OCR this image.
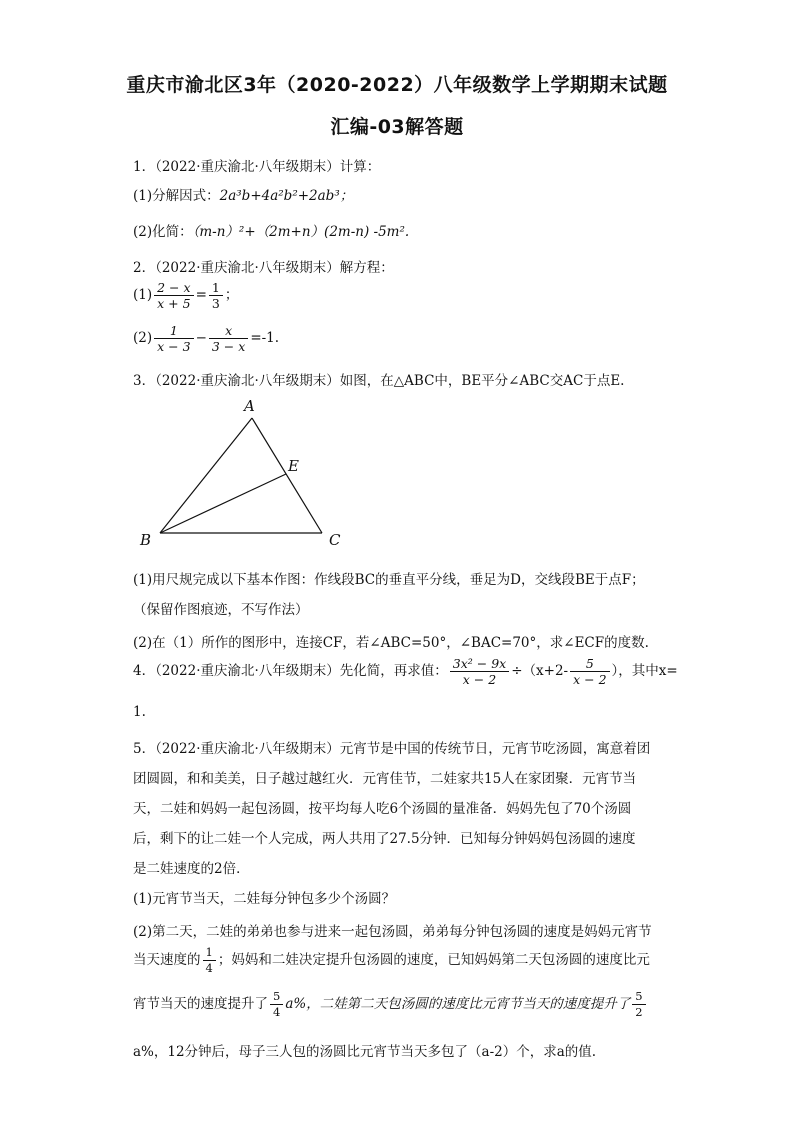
重庆市渝北区3年（2020-2022）八年级数学上学期期末试题
汇编-03解答题
1．（2022·重庆渝北·八年级期末）计算：
(1)分解因式：2a³b+4a²b²+2ab³；
(2)化简：（m-n）²+（2m+n）(2m-n) -5m².
2．（2022·重庆渝北·八年级期末）解方程：
$(1) \frac{2 - x}{x + 5} = \frac{1}{3}$ ；
$(2) \frac{1}{x - 3} - \frac{x}{3 - x} =-1$.
3．（2022·重庆渝北·八年级期末）如图，在△ABC中，BE平分∠ABC交AC于点E.
A
B	C
E
(1)用尺规完成以下基本作图：作线段BC的垂直平分线，垂足为D，交线段BE于点F；
（保留作图痕迹，不写作法）
(2)在（1）所作的图形中，连接CF，若∠ABC=50°，∠BAC=70°，求∠ECF的度数.
4．（2022·重庆渝北·八年级期末）先化简，再求值： $\frac{\text{3x² − 9x}}{x - 2} \div(x+2- \frac{5}{x - 2}$ ），其中x=
1.
5．（2022·重庆渝北·八年级期末）元宵节是中国的传统节日，元宵节吃汤圆，寓意着团
团圆圆，和和美美，日子越过越红火．元宵佳节，二娃家共15人在家团聚．元宵节当
天，二娃和妈妈一起包汤圆，按平均每人吃6个汤圆的量准备．妈妈先包了70个汤圆
后，剩下的让二娃一个人完成，两人共用了27.5分钟．已知每分钟妈妈包汤圆的速度
是二娃速度的2倍．
(1)元宵节当天，二娃每分钟包多少个汤圆？
(2)第二天，二娃的弟弟也参与进来一起包汤圆，弟弟每分钟包汤圆的速度是妈妈元宵节
当天速度的 $\frac{1}{4}$ ；妈妈和二娃决定提升包汤圆的速度，已知妈妈第二天包汤圆的速度比元
宵节当天的速度提升了 $\frac{5}{4} a\%$，二娃第二天包汤圆的速度比元宵节当天的速度提升了 $\frac{5}{2}$
a%，12分钟后，母子三人包的汤圆比元宵节当天多包了（a-2）个，求a的值.
